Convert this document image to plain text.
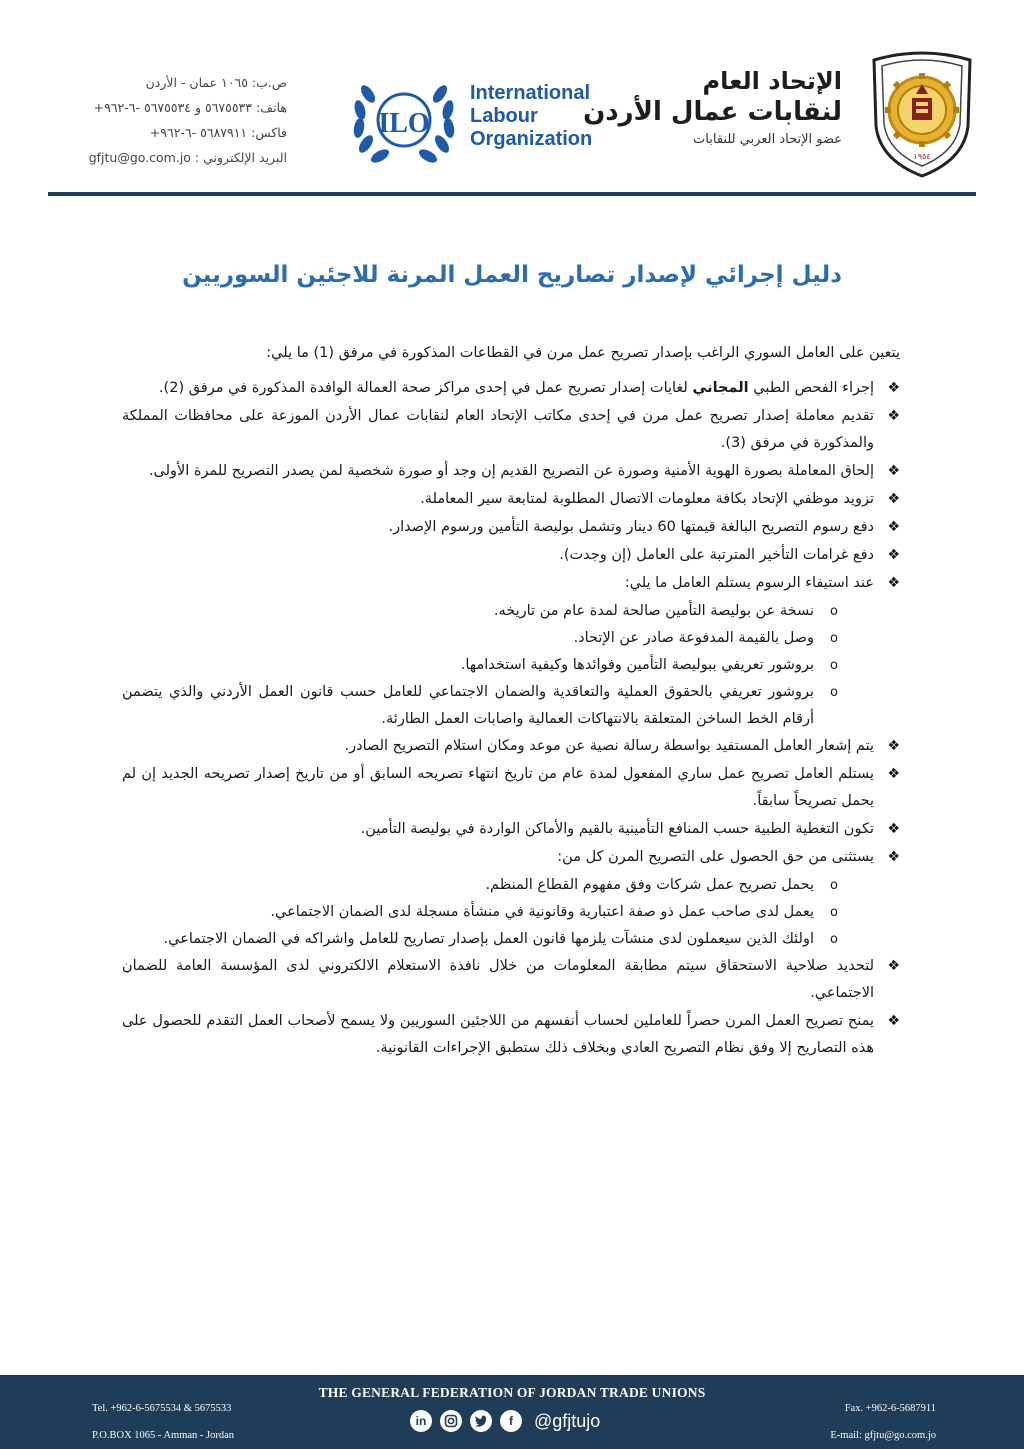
١٩٥٤
الإتحاد العام
لنقابات عمال الأردن
عضو الإتحاد العربي للنقابات
ILO
International
Labour
Organization
ص.ب: ١٠٦٥ عمان - الأردن
هاتف: ٥٦٧٥٥٣٣ و ٥٦٧٥٥٣٤ -٦-٩٦٢+
فاكس: ٥٦٨٧٩١١ -٦-٩٦٢+
البريد الإلكتروني : gfjtu@go.com.jo
دليل إجرائي لإصدار تصاريح العمل المرنة للاجئين السوريين

يتعين على العامل السوري الراغب بإصدار تصريح عمل مرن في القطاعات المذكورة في مرفق (1) ما يلي:

❖
إجراء الفحص الطبي المجاني لغايات إصدار تصريح عمل في إحدى مراكز صحة العمالة الوافدة المذكورة في مرفق (2).
❖
تقديم معاملة إصدار تصريح عمل مرن في إحدى مكاتب الإتحاد العام لنقابات عمال الأردن الموزعة على محافظات المملكة والمذكورة في مرفق (3).
❖
إلحاق المعاملة بصورة الهوية الأمنية وصورة عن التصريح القديم إن وجد أو صورة شخصية لمن يصدر التصريح للمرة الأولى.
❖
تزويد موظفي الإتحاد بكافة معلومات الاتصال المطلوبة لمتابعة سير المعاملة.
❖
دفع رسوم التصريح البالغة قيمتها 60 دينار وتشمل بوليصة التأمين ورسوم الإصدار.
❖
دفع غرامات التأخير المترتبة على العامل (إن وجدت).
❖
عند استيفاء الرسوم يستلم العامل ما يلي:
o
نسخة عن بوليصة التأمين صالحة لمدة عام من تاريخه.
o
وصل بالقيمة المدفوعة صادر عن الإتحاد.
o
بروشور تعريفي ببوليصة التأمين وفوائدها وكيفية استخدامها.
o
بروشور تعريفي بالحقوق العملية والتعاقدية والضمان الاجتماعي للعامل حسب قانون العمل الأردني والذي يتضمن أرقام الخط الساخن المتعلقة بالانتهاكات العمالية واصابات العمل الطارئة.
❖
يتم إشعار العامل المستفيد بواسطة رسالة نصية عن موعد ومكان استلام التصريح الصادر.
❖
يستلم العامل تصريح عمل ساري المفعول لمدة عام من تاريخ انتهاء تصريحه السابق أو من تاريخ إصدار تصريحه الجديد إن لم يحمل تصريحاً سابقاً.
❖
تكون التغطية الطبية حسب المنافع التأمينية بالقيم والأماكن الواردة في بوليصة التأمين.
❖
يستثنى من حق الحصول على التصريح المرن كل من:
o
يحمل تصريح عمل شركات وفق مفهوم القطاع المنظم.
o
يعمل لدى صاحب عمل ذو صفة اعتبارية وقانونية في منشأة مسجلة لدى الضمان الاجتماعي.
o
اولئك الذين سيعملون لدى منشآت يلزمها قانون العمل بإصدار تصاريح للعامل واشراكه في الضمان الاجتماعي.
❖
لتحديد صلاحية الاستحقاق سيتم مطابقة المعلومات من خلال نافذة الاستعلام الالكتروني لدى المؤسسة العامة للضمان الاجتماعي.
❖
يمنح تصريح العمل المرن حصراً للعاملين لحساب أنفسهم من اللاجئين السوريين ولا يسمح لأصحاب العمل التقدم للحصول على هذه التصاريح إلا وفق نظام التصريح العادي وبخلاف ذلك ستطبق الإجراءات القانونية.
THE GENERAL FEDERATION OF JORDAN TRADE UNIONS
Tel. +962-6-5675534 & 5675533
P.O.BOX 1065 - Amman - Jordan
in	f	@gfjtujo
Fax. +962-6-5687911
E-mail: gfjtu@go.com.jo
